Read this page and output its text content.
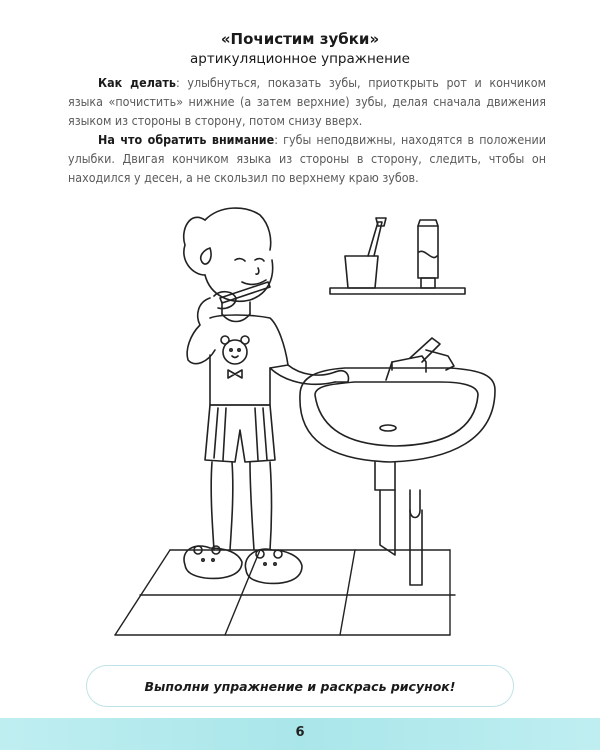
«Почистим зубки»
артикуляционное упражнение
Как делать: улыбнуться, показать зубы, приоткрыть рот и кончиком языка «почистить» нижние (а затем верхние) зубы, делая сначала движения языком из стороны в сторону, потом снизу вверх.
На что обратить внимание: губы неподвижны, находятся в положении улыбки. Двигая кончиком языка из стороны в сторону, следить, чтобы он находился у десен, а не скользил по верхнему краю зубов.
Выполни упражнение и раскрась рисунок!
6
